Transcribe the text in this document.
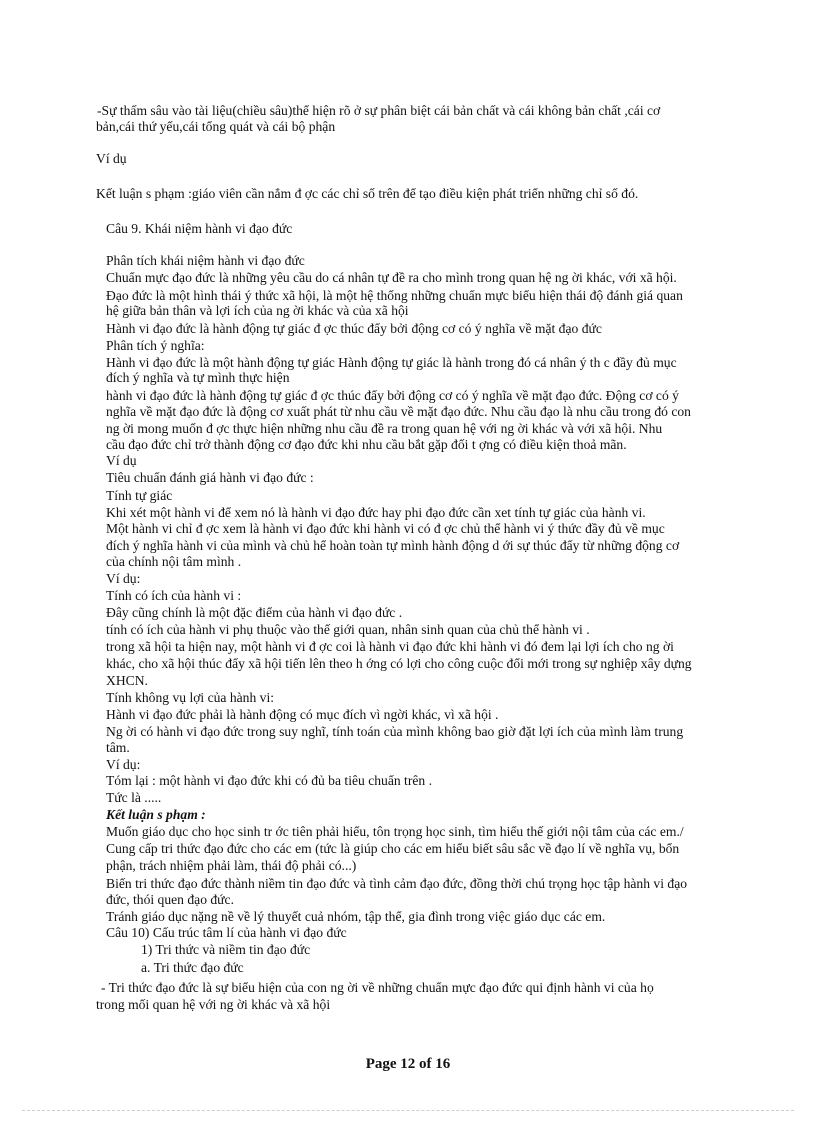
-Sự thấm sâu vào tài liệu(chiều sâu)thể hiện rõ ở sự phân biệt cái bản chất và cái không bản chất ,cái cơ
bản,cái thứ yếu,cái tổng quát và cái bộ phận
Ví dụ
Kết luận s phạm :giáo viên cần nắm đ ợc các chỉ số trên để tạo điều kiện phát triển những chỉ số đó.
Câu 9. Khái niệm hành vi đạo đức
Phân tích khái niệm hành vi đạo đức
Chuẩn mực đạo đức là những yêu cầu do cá nhân tự đề ra cho mình trong quan hệ ng ời khác, với xã hội.
Đạo đức là một hình thái ý thức xã hội, là một hệ thống những chuẩn mực biểu hiện thái độ đánh giá quan
hệ giữa bản thân và lợi ích của ng ời khác và của xã hội
Hành vi đạo đức là hành động tự giác đ ợc thúc đẩy bởi động cơ có ý nghĩa về mặt đạo đức
Phân tích ý nghĩa:
Hành vi đạo đức là một hành động tự giác Hành động tự giác là hành trong đó cá nhân ý th c đầy đủ mục
đích ý nghĩa và tự mình thực hiện
hành vi đạo đức là hành động tự giác đ ợc thúc đẩy bởi động cơ có ý nghĩa về mặt đạo đức. Động cơ có ý
nghĩa về mặt đạo đức là động cơ xuất phát từ nhu cầu về mặt đạo đức. Nhu cầu đạo là nhu cầu trong đó con
ng ời mong muốn đ ợc thực hiện những nhu cầu đề ra trong quan hệ với ng ời khác và với xã hội. Nhu
cầu đạo đức chỉ trở thành động cơ đạo đức khi nhu cầu bắt gặp đối t ợng có điều kiện thoả mãn.
Ví dụ
Tiêu chuẩn đánh giá hành vi đạo đức :
Tính tự giác
Khi xét một hành vi để xem nó là hành vi đạo đức hay phi đạo đức cần xet tính tự giác của hành vi.
Một hành vi chỉ đ ợc xem là hành vi đạo đức khi hành vi có đ ợc chủ thể hành vi ý thức đầy đủ về mục
đích ý nghĩa hành vi của mình và chủ hể hoàn toàn tự mình hành động d ới sự thúc đẩy từ những động cơ
của chính nội tâm mình .
Ví dụ:
Tính có ích của hành vi :
Đây cũng chính là một đặc điểm của hành vi đạo đức .
tính có ích của hành vi phụ thuộc vào thế giới quan, nhân sinh quan của chủ thể hành vi .
trong xã hội ta hiện nay, một hành vi đ ợc coi là hành vi đạo đức khi hành vi đó đem lại lợi ích cho ng ời
khác, cho xã hội thúc đẩy xã hội tiến lên theo h ớng có lợi cho công cuộc đổi mới trong sự nghiệp xây dựng
XHCN.
Tính không vụ lợi của hành vi:
Hành vi đạo đức phải là hành động có mục đích vì ngời khác, vì xã hội .
Ng ời có hành vi đạo đức trong suy nghĩ, tính toán của mình không bao giờ đặt lợi ích của mình làm trung
tâm.
Ví dụ:
Tóm lại : một hành vi đạo đức khi có đủ ba tiêu chuẩn trên .
Tức là .....
Kết luận s phạm :
Muốn giáo dục cho học sinh tr ớc tiên phải hiểu, tôn trọng học sinh, tìm hiểu thế giới nội tâm của các em./
Cung cấp tri thức đạo đức cho các em (tức là giúp cho các em hiểu biết sâu sắc về đạo lí về nghĩa vụ, bổn
phận, trách nhiệm phải làm, thái độ phải có...)
Biến tri thức đạo đức thành niềm tin đạo đức và tình cảm đạo đức, đồng thời chú trọng học tập hành vi đạo
đức, thói quen đạo đức.
Tránh giáo dục nặng nề về lý thuyết cuả nhóm, tập thể, gia đình trong việc giáo dục các em.
Câu 10) Cấu trúc tâm lí của hành vi đạo đức
1) Tri thức và niềm tin đạo đức
a. Tri thức đạo đức
- Tri thức đạo đức là sự biểu hiện của con ng ời về những chuẩn mực đạo đức qui định hành vi của họ
trong mối quan hệ với ng ời khác và xã hội
Page 12 of 16
